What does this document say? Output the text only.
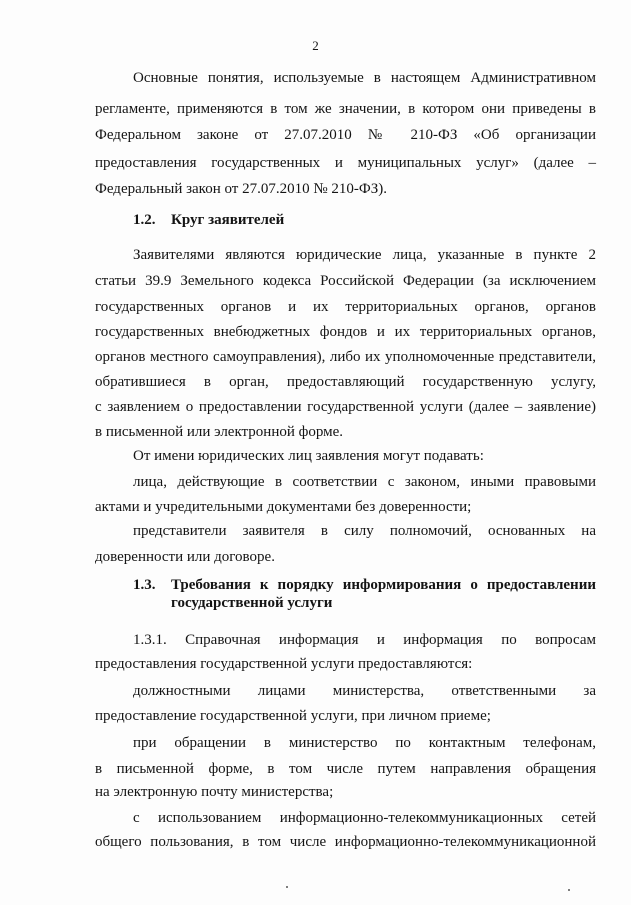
2
Основные понятия, используемые в настоящем Административном
регламенте, применяются в том же значении, в котором они приведены в
Федеральном законе от 27.07.2010 № 210-ФЗ «Об организации
предоставления государственных и муниципальных услуг» (далее –
Федеральный закон от 27.07.2010 № 210-ФЗ).
1.2. Круг заявителей
Заявителями являются юридические лица, указанные в пункте 2
статьи 39.9 Земельного кодекса Российской Федерации (за исключением
государственных органов и их территориальных органов, органов
государственных внебюджетных фондов и их территориальных органов,
органов местного самоуправления), либо их уполномоченные представители,
обратившиеся в орган, предоставляющий государственную услугу,
с заявлением о предоставлении государственной услуги (далее – заявление)
в письменной или электронной форме.
От имени юридических лиц заявления могут подавать:
лица, действующие в соответствии с законом, иными правовыми
актами и учредительными документами без доверенности;
представители заявителя в силу полномочий, основанных на
доверенности или договоре.
1.3. Требования к порядку информирования о предоставлении
государственной услуги
1.3.1. Справочная информация и информация по вопросам
предоставления государственной услуги предоставляются:
должностными лицами министерства, ответственными за
предоставление государственной услуги, при личном приеме;
при обращении в министерство по контактным телефонам,
в письменной форме, в том числе путем направления обращения
на электронную почту министерства;
с использованием информационно-телекоммуникационных сетей
общего пользования, в том числе информационно-телекоммуникационной
